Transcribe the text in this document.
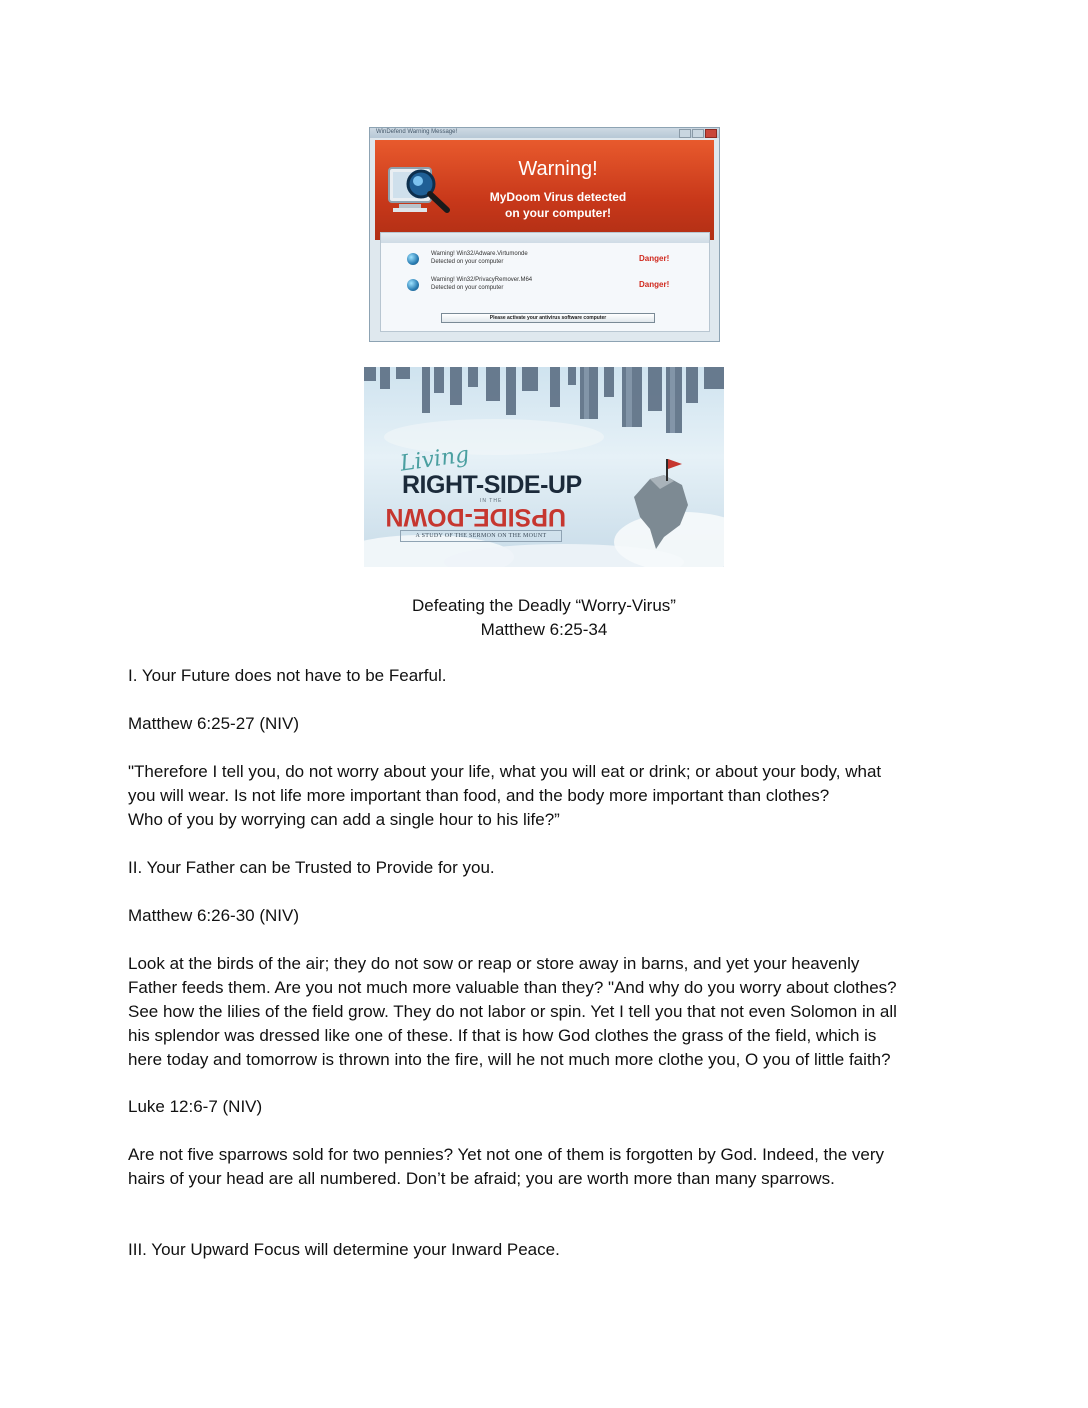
WinDefend Warning Message!
Warning!
MyDoom Virus detected
on your computer!
Warning! Win32/Adware.Virtumonde
Detected on your computer	Danger!
Warning! Win32/PrivacyRemover.M64
Detected on your computer	Danger!
Please activate your antivirus software computer
Living
RIGHT-SIDE-UP
IN THE
UPSIDE-DOWN
A STUDY OF THE SERMON ON THE MOUNT
Defeating the Deadly “Worry-Virus”
Matthew 6:25-34
I. Your Future does not have to be Fearful.
Matthew 6:25-27 (NIV)
"Therefore I tell you, do not worry about your life, what you will eat or drink; or about your body, what
you will wear. Is not life more important than food, and the body more important than clothes?
Who of you by worrying can add a single hour to his life?”
II. Your Father can be Trusted to Provide for you.
Matthew 6:26-30 (NIV)
Look at the birds of the air; they do not sow or reap or store away in barns, and yet your heavenly
Father feeds them. Are you not much more valuable than they? "And why do you worry about clothes?
See how the lilies of the field grow. They do not labor or spin. Yet I tell you that not even Solomon in all
his splendor was dressed like one of these. If that is how God clothes the grass of the field, which is
here today and tomorrow is thrown into the fire, will he not much more clothe you, O you of little faith?
Luke 12:6-7 (NIV)
Are not five sparrows sold for two pennies? Yet not one of them is forgotten by God. Indeed, the very
hairs of your head are all numbered. Don’t be afraid; you are worth more than many sparrows.
III. Your Upward Focus will determine your Inward Peace.
